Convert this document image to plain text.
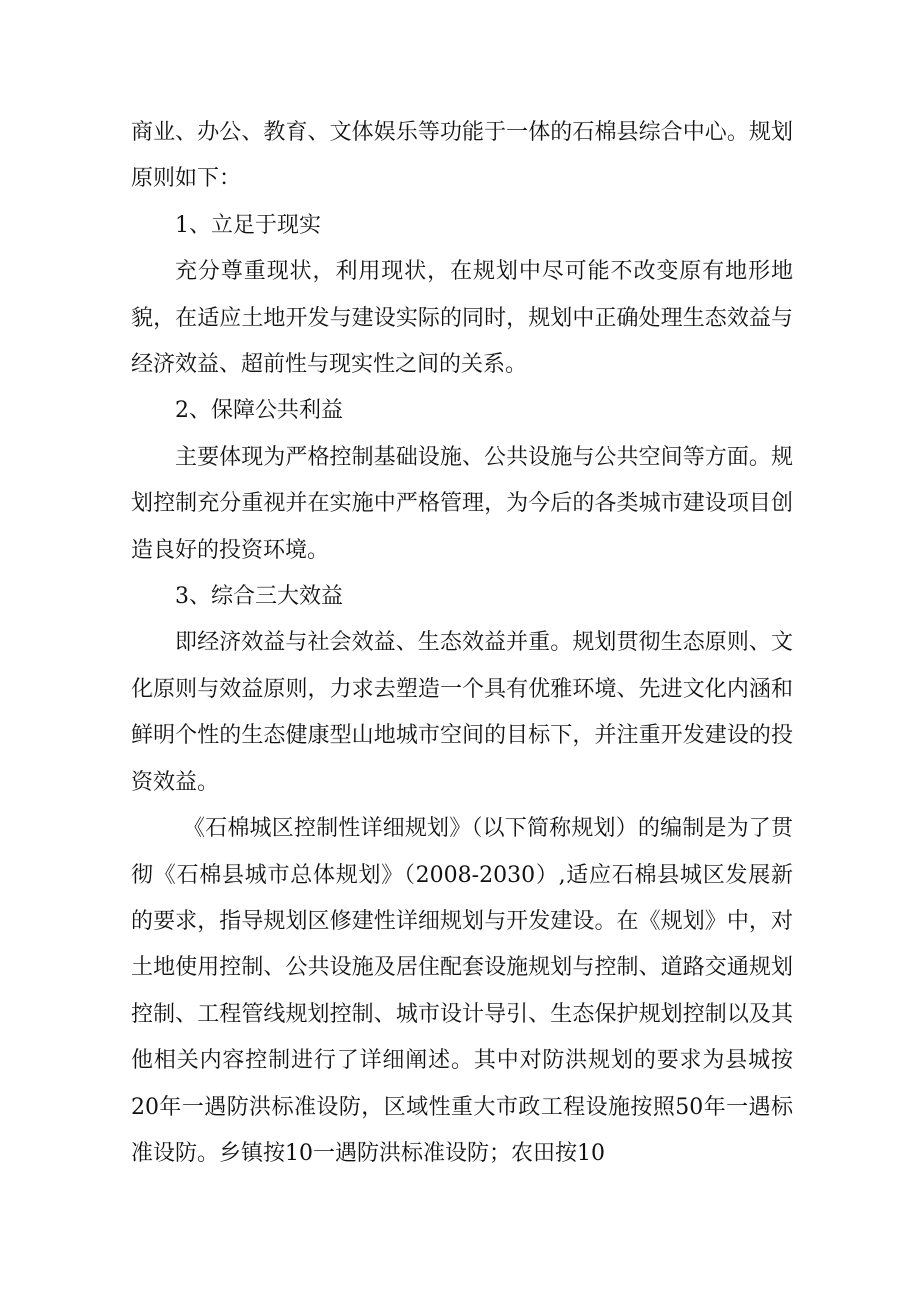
商业、办公、教育、文体娱乐等功能于一体的石棉县综合中心。规划原则如下：

1、立足于现实

充分尊重现状，利用现状，在规划中尽可能不改变原有地形地貌，在适应土地开发与建设实际的同时，规划中正确处理生态效益与经济效益、超前性与现实性之间的关系。

2、保障公共利益

主要体现为严格控制基础设施、公共设施与公共空间等方面。规划控制充分重视并在实施中严格管理，为今后的各类城市建设项目创造良好的投资环境。

3、综合三大效益

即经济效益与社会效益、生态效益并重。规划贯彻生态原则、文化原则与效益原则，力求去塑造一个具有优雅环境、先进文化内涵和鲜明个性的生态健康型山地城市空间的目标下，并注重开发建设的投资效益。

《石棉城区控制性详细规划》（以下简称规划）的编制是为了贯彻《石棉县城市总体规划》（2008-2030）,适应石棉县城区发展新的要求，指导规划区修建性详细规划与开发建设。在《规划》中，对土地使用控制、公共设施及居住配套设施规划与控制、道路交通规划控制、工程管线规划控制、城市设计导引、生态保护规划控制以及其他相关内容控制进行了详细阐述。其中对防洪规划的要求为县城按20年一遇防洪标准设防，区域性重大市政工程设施按照50年一遇标准设防。乡镇按10一遇防洪标准设防；农田按10
